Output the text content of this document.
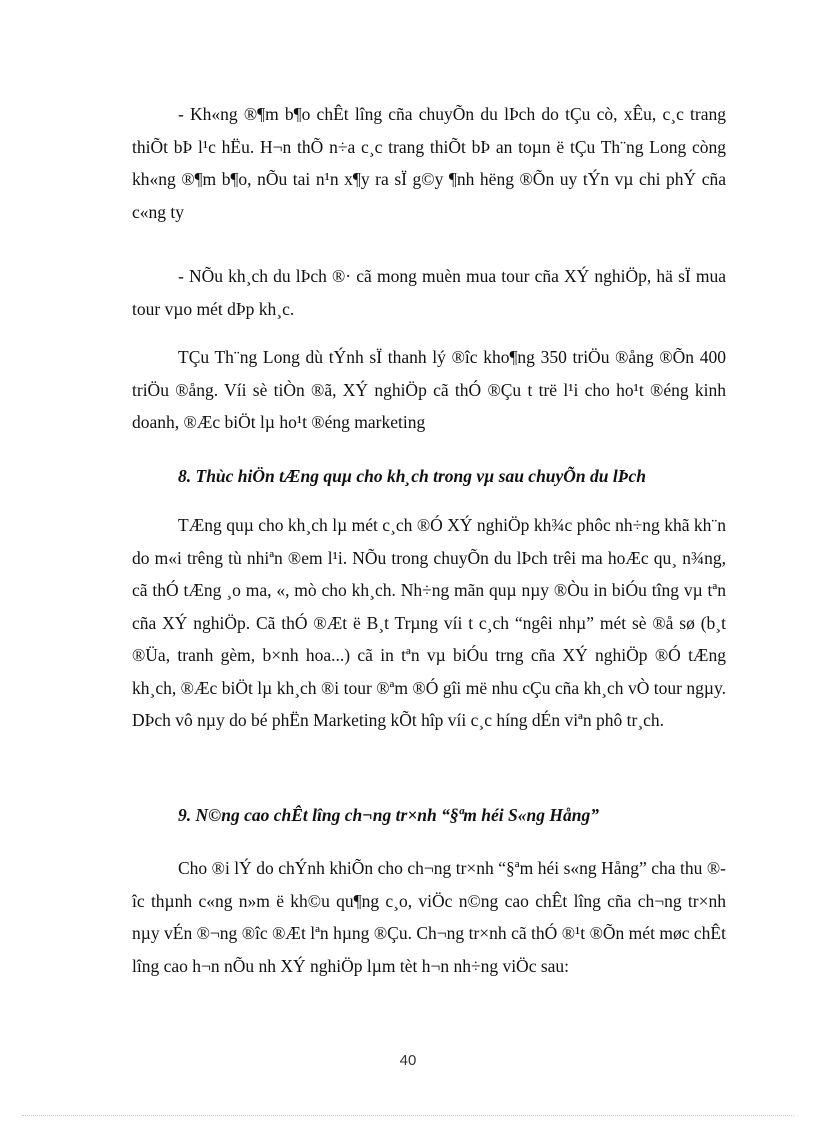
- Kh«ng ®¶m b¶o chÊt lîng cña chuyÕn du lÞch do tÇu cò, xÊu, c¸c trang thiÕt bÞ l¹c hËu. H¬n thÕ n÷a c¸c trang thiÕt bÞ an toµn ë tÇu Th¨ng Long còng kh«ng ®¶m b¶o, nÕu tai n¹n x¶y ra sÏ g©y ¶nh hëng ®Õn uy tÝn vµ chi phÝ cña c«ng ty

- NÕu kh¸ch du lÞch ®· cã mong muèn mua tour cña XÝ nghiÖp, hä sÏ mua tour vµo mét dÞp kh¸c.

TÇu Th¨ng Long dù tÝnh sÏ thanh lý ®îc kho¶ng 350 triÖu ®ång ®Õn 400 triÖu ®ång. Víi sè tiÒn ®ã, XÝ nghiÖp cã thÓ ®Çu t trë l¹i cho ho¹t ®éng kinh doanh, ®Æc biÖt lµ ho¹t ®éng marketing

8. Thùc hiÖn tÆng quµ cho kh¸ch trong vµ sau chuyÕn du lÞch

TÆng quµ cho kh¸ch lµ mét c¸ch ®Ó XÝ nghiÖp kh¾c phôc nh÷ng khã kh¨n do m«i trêng tù nhiªn ®em l¹i. NÕu trong chuyÕn du lÞch trêi ma hoÆc qu¸ n¾ng, cã thÓ tÆng ¸o ma, «, mò cho kh¸ch. Nh÷ng mãn quµ nµy ®Òu in biÓu tîng vµ tªn cña XÝ nghiÖp. Cã thÓ ®Æt ë B¸t Trµng víi t c¸ch “ngêi nhµ” mét sè ®å sø (b¸t ®Üa, tranh gèm, b×nh hoa...) cã in tªn vµ biÓu trng cña XÝ nghiÖp ®Ó tÆng kh¸ch, ®Æc biÖt lµ kh¸ch ®i tour ®ªm ®Ó gîi më nhu cÇu cña kh¸ch vÒ tour ngµy. DÞch vô nµy do bé phËn Marketing kÕt hîp víi c¸c híng dÉn viªn phô tr¸ch.

9. N©ng cao chÊt lîng ch¬ng tr×nh “§ªm héi S«ng Hång”

Cho ®i lÝ do chÝnh khiÕn cho ch¬ng tr×nh “§ªm héi s«ng Hång” cha thu ®îc thµnh c«ng n»m ë kh©u qu¶ng c¸o, viÖc n©ng cao chÊt lîng cña ch¬ng tr×nh nµy vÉn ®¬ng ®îc ®Æt lªn hµng ®Çu. Ch¬ng tr×nh cã thÓ ®¹t ®Õn mét møc chÊt lîng cao h¬n nÕu nh XÝ nghiÖp lµm tèt h¬n nh÷ng viÖc sau:

40
